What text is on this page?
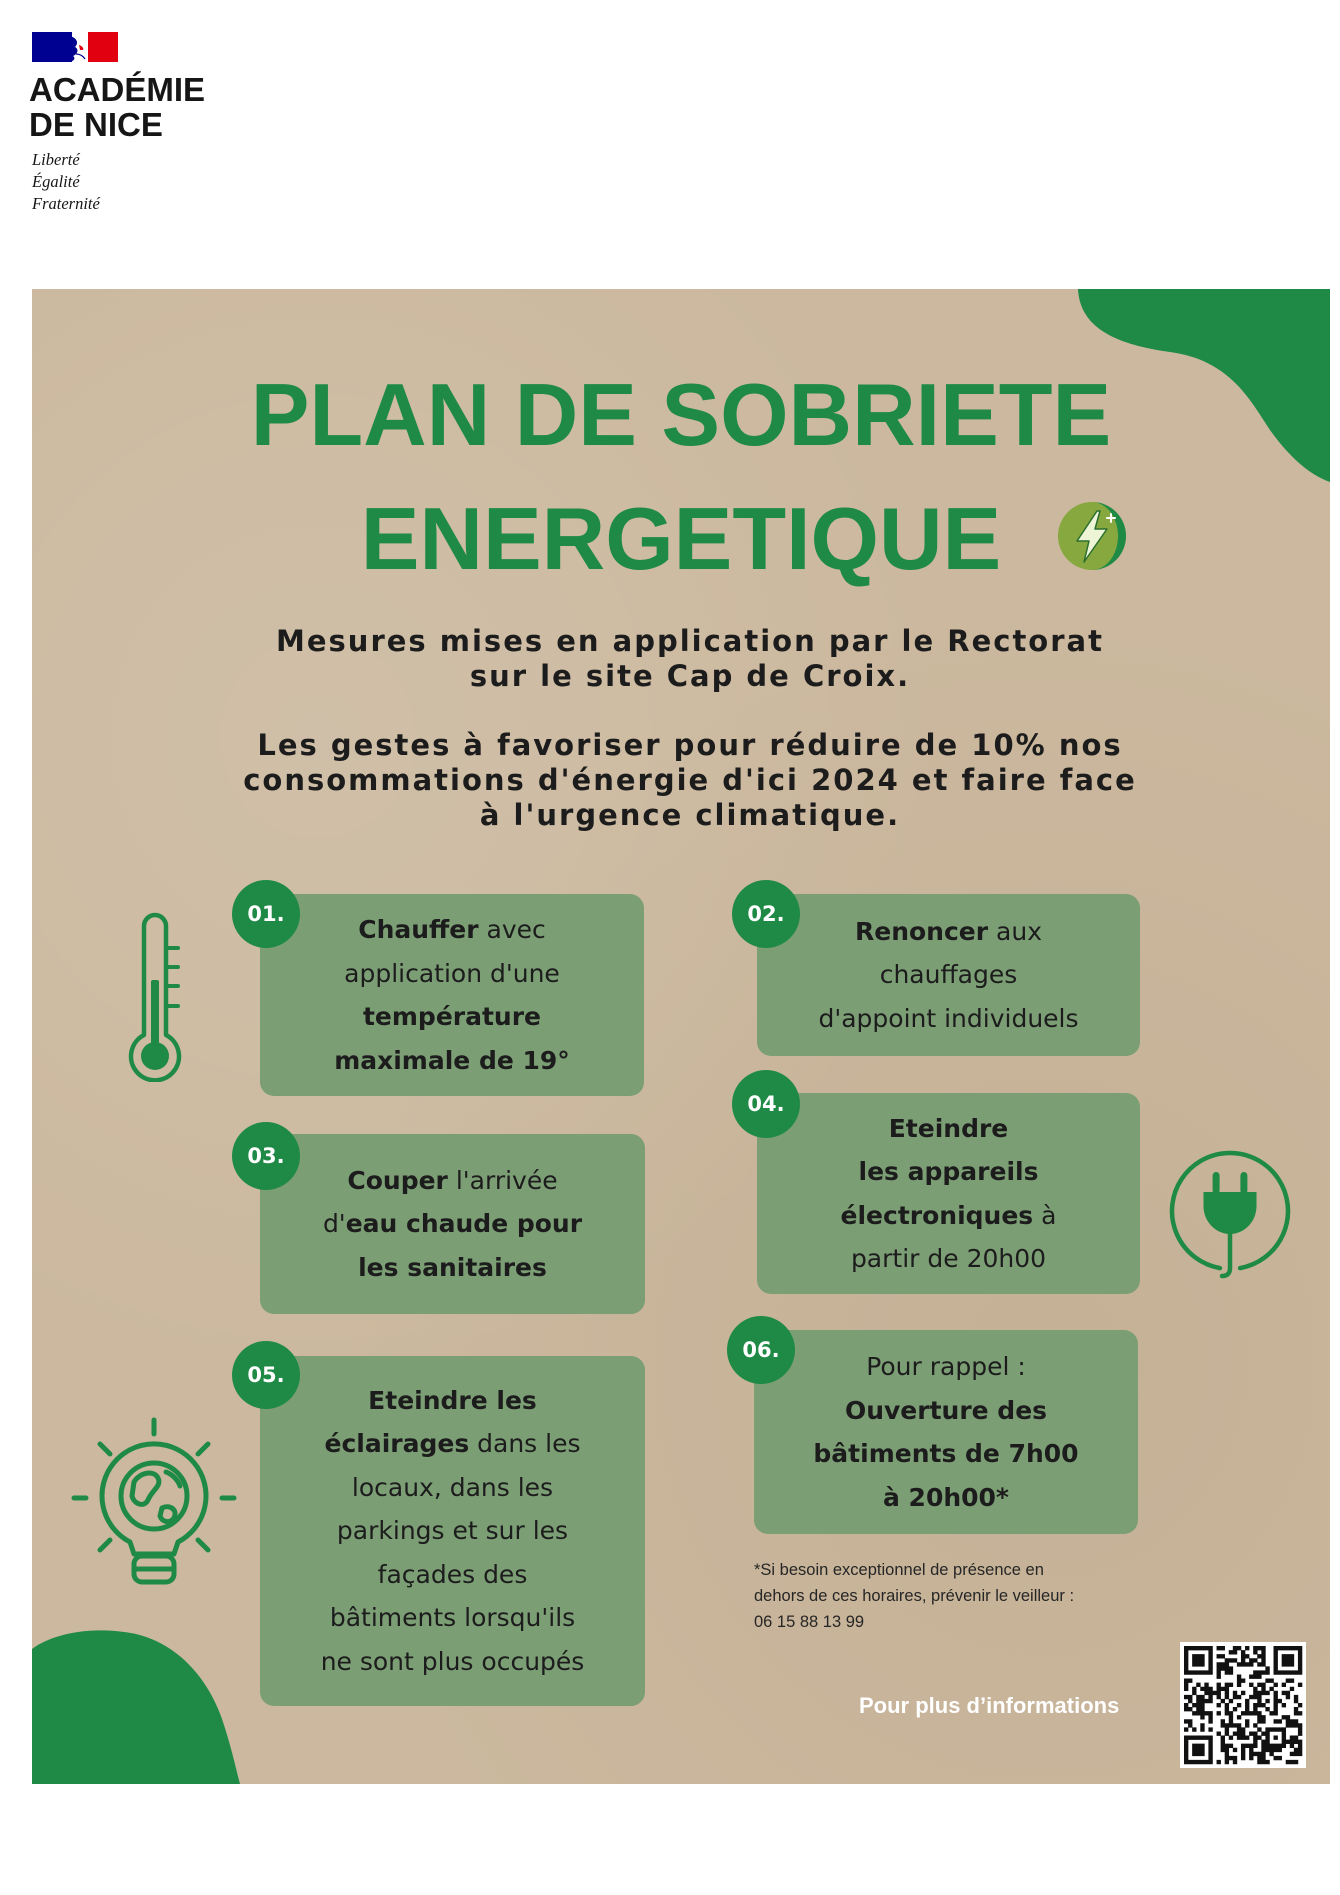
ACADÉMIE
DE NICE
Liberté
Égalité
Fraternité
PLAN DE SOBRIETE
ENERGETIQUE
Mesures mises en application par le Rectorat
sur le site Cap de Croix.
Les gestes à favoriser pour réduire de 10% nos
consommations d'énergie d'ici 2024 et faire face
à l'urgence climatique.
Chauffer avec
application d'une
température
maximale de 19°
Renoncer aux
chauffages
d'appoint individuels
Couper l'arrivée
d'eau chaude pour
les sanitaires
Eteindre
les appareils
électroniques à
partir de 20h00
Eteindre les
éclairages dans les
locaux, dans les
parkings et sur les
façades des
bâtiments lorsqu'ils
ne sont plus occupés
Pour rappel :
Ouverture des
bâtiments de 7h00
à 20h00*
01.	02.
03.
04.
05.
06.
*Si besoin exceptionnel de présence en
dehors de ces horaires, prévenir le veilleur :
06 15 88 13 99
Pour plus d’informations
